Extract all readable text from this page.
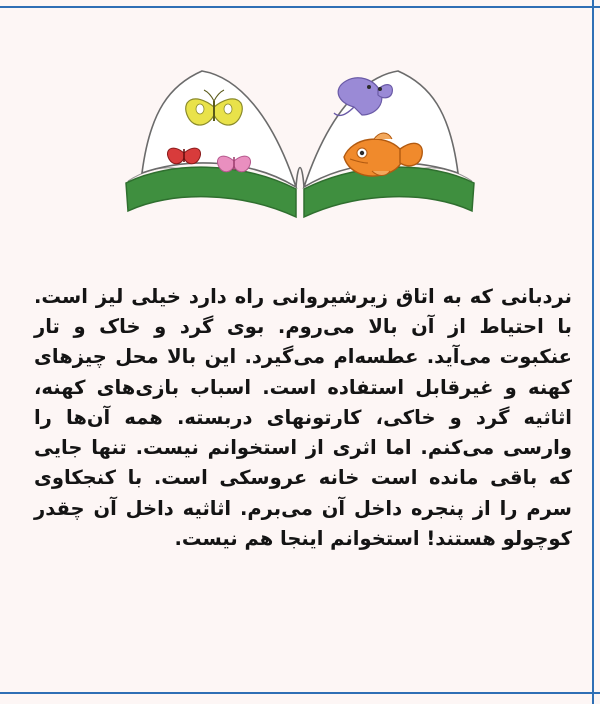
نردبانی که به اتاق زیرشیروانی راه دارد خیلی لیز است. با احتیاط از آن بالا می‌روم. بوی گرد و خاک و تار عنکبوت می‌آید. عطسه‌ام می‌گیرد. این بالا محل چیزهای کهنه و غیرقابل استفاده است. اسباب بازی‌های کهنه، اثاثیه گرد و خاکی، کارتونهای دربسته. همه آن‌ها را وارسی می‌کنم. اما اثری از استخوانم نیست. تنها جایی که باقی مانده است خانه عروسکی است. با کنجکاوی سرم را از پنجره داخل آن می‌برم. اثاثیه داخل آن چقدر کوچولو هستند! استخوانم اینجا هم نیست.
